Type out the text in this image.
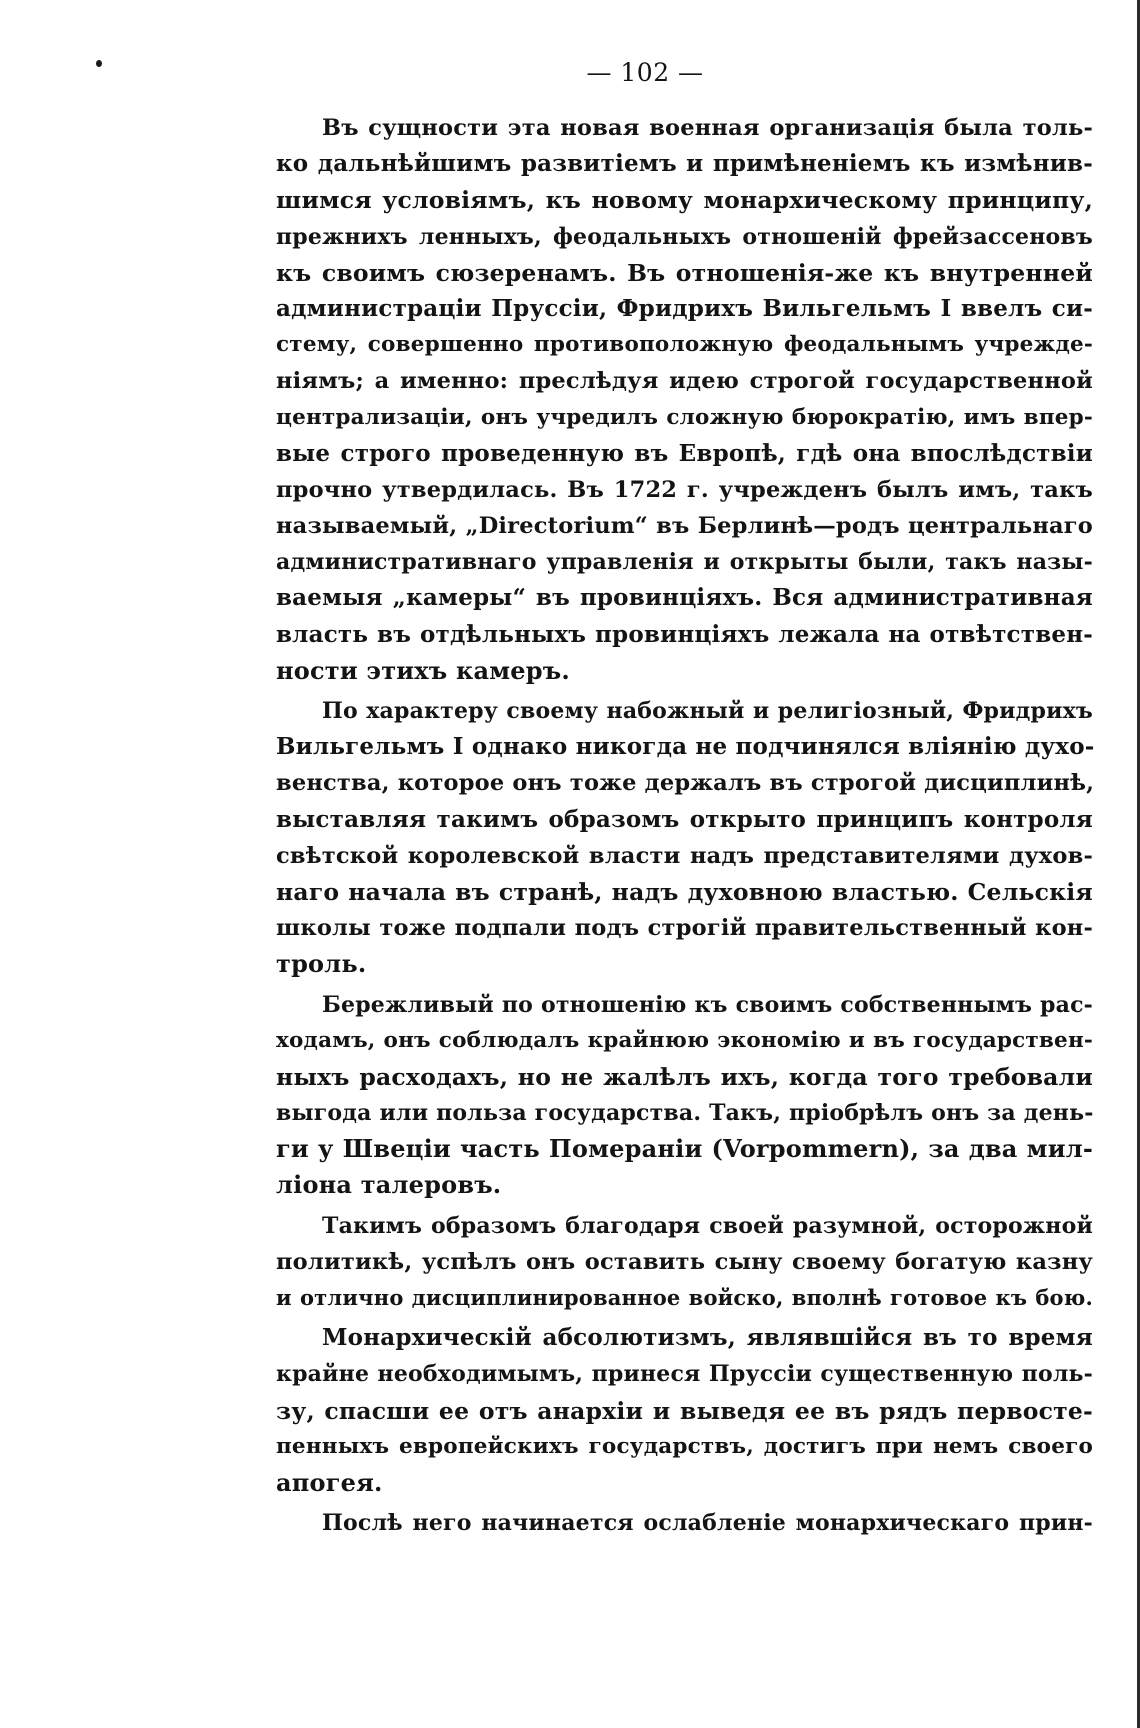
— 102 —
Въ сущности эта новая военная организація была толь-
ко дальнѣйшимъ развитіемъ и примѣненіемъ къ измѣнив-
шимся условіямъ, къ новому монархическому принципу,
прежнихъ ленныхъ, феодальныхъ отношеній фрейзассеновъ
къ своимъ сюзеренамъ. Въ отношенія-же къ внутренней
администраціи Пруссіи, Фридрихъ Вильгельмъ I ввелъ си-
стему, совершенно противоположную феодальнымъ учрежде-
ніямъ; а именно: преслѣдуя идею строгой государственной
централизаціи, онъ учредилъ сложную бюрократію, имъ впер-
вые строго проведенную въ Европѣ, гдѣ она впослѣдствіи
прочно утвердилась. Въ 1722 г. учрежденъ былъ имъ, такъ
называемый, „Directorium“ въ Берлинѣ—родъ центральнаго
административнаго управленія и открыты были, такъ назы-
ваемыя „камеры“ въ провинціяхъ. Вся административная
власть въ отдѣльныхъ провинціяхъ лежала на отвѣтствен-
ности этихъ камеръ.
По характеру своему набожный и религіозный, Фридрихъ
Вильгельмъ I однако никогда не подчинялся вліянію духо-
венства, которое онъ тоже держалъ въ строгой дисциплинѣ,
выставляя такимъ образомъ открыто принципъ контроля
свѣтской королевской власти надъ представителями духов-
наго начала въ странѣ, надъ духовною властью. Сельскія
школы тоже подпали подъ строгій правительственный кон-
троль.
Бережливый по отношенію къ своимъ собственнымъ рас-
ходамъ, онъ соблюдалъ крайнюю экономію и въ государствен-
ныхъ расходахъ, но не жалѣлъ ихъ, когда того требовали
выгода или польза государства. Такъ, пріобрѣлъ онъ за день-
ги у Швеціи часть Помераніи (Vorpommern), за два мил-
ліона талеровъ.
Такимъ образомъ благодаря своей разумной, осторожной
политикѣ, успѣлъ онъ оставить сыну своему богатую казну
и отлично дисциплинированное войско, вполнѣ готовое къ бою.
Монархическій абсолютизмъ, являвшійся въ то время
крайне необходимымъ, принеся Пруссіи существенную поль-
зу, спасши ее отъ анархіи и выведя ее въ рядъ первосте-
пенныхъ европейскихъ государствъ, достигъ при немъ своего
апогея.
Послѣ него начинается ослабленіе монархическаго прин-
